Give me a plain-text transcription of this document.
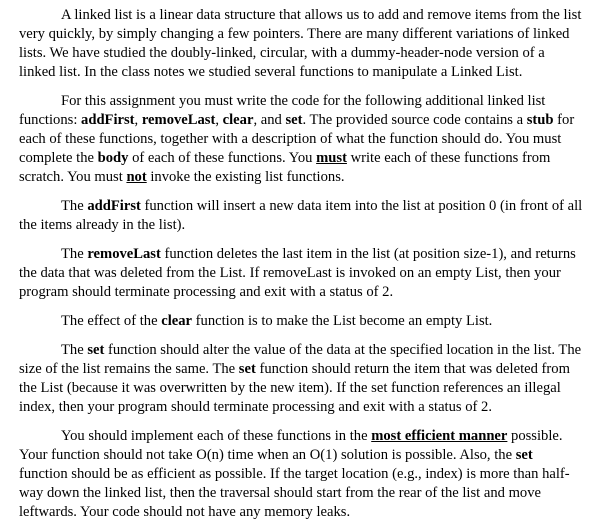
A linked list is a linear data structure that allows us to add and remove items from the list
very quickly, by simply changing a few pointers. There are many different variations of linked
lists. We have studied the doubly-linked, circular, with a dummy-header-node version of a
linked list. In the class notes we studied several functions to manipulate a Linked List.

For this assignment you must write the code for the following additional linked list
functions: addFirst, removeLast, clear, and set. The provided source code contains a stub for
each of these functions, together with a description of what the function should do. You must
complete the body of each of these functions. You must write each of these functions from
scratch. You must not invoke the existing list functions.

The addFirst function will insert a new data item into the list at position 0 (in front of all
the items already in the list).

The removeLast function deletes the last item in the list (at position size-1), and returns
the data that was deleted from the List. If removeLast is invoked on an empty List, then your
program should terminate processing and exit with a status of 2.

The effect of the clear function is to make the List become an empty List.

The set function should alter the value of the data at the specified location in the list. The
size of the list remains the same. The set function should return the item that was deleted from
the List (because it was overwritten by the new item). If the set function references an illegal
index, then your program should terminate processing and exit with a status of 2.

You should implement each of these functions in the most efficient manner possible.
Your function should not take O(n) time when an O(1) solution is possible. Also, the set
function should be as efficient as possible. If the target location (e.g., index) is more than half-
way down the linked list, then the traversal should start from the rear of the list and move
leftwards. Your code should not have any memory leaks.
